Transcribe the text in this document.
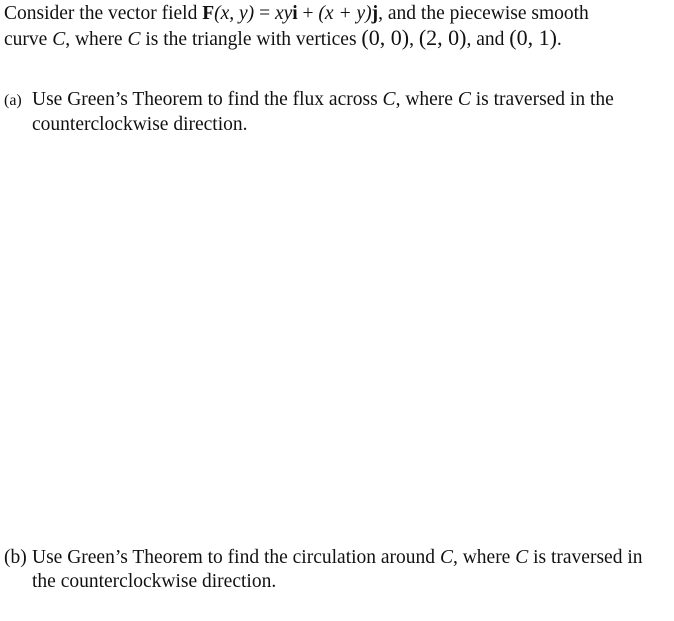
Consider the vector field F(x, y) = xyi + (x + y)j, and the piecewise smooth
curve C, where C is the triangle with vertices (0, 0), (2, 0), and (0, 1).
(a) Use Green’s Theorem to find the flux across C, where C is traversed in the
counterclockwise direction.
(b) Use Green’s Theorem to find the circulation around C, where C is traversed in
the counterclockwise direction.
